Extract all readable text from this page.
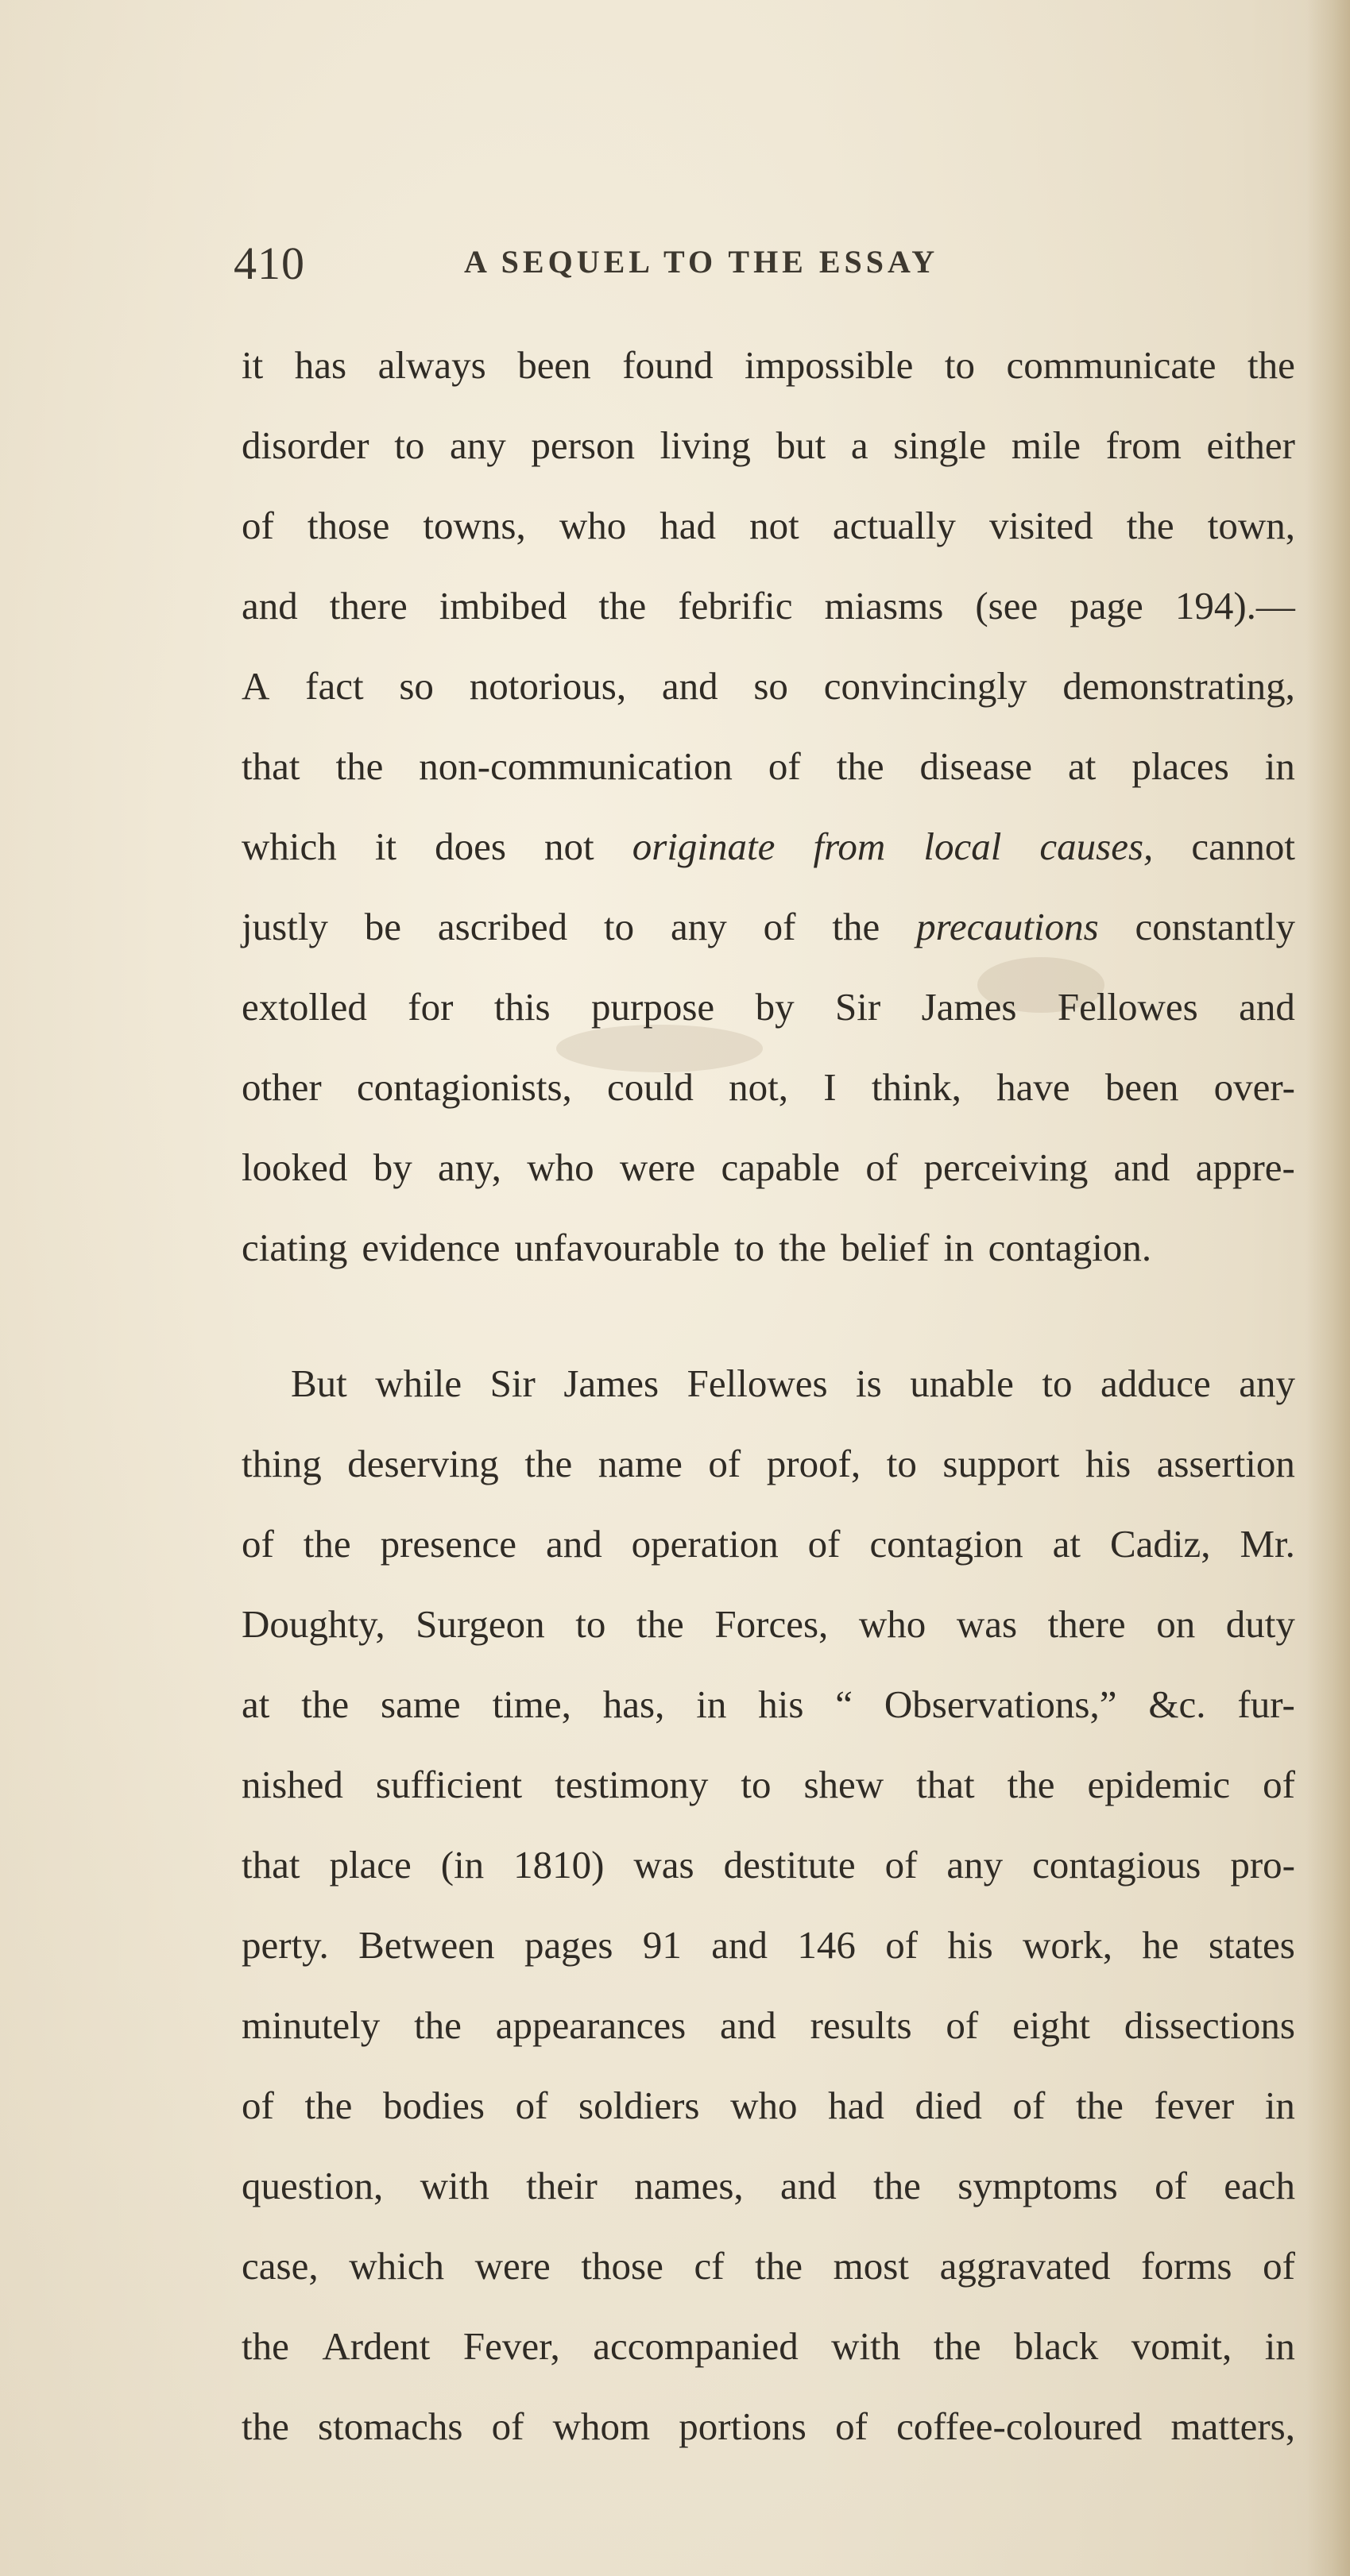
410	A SEQUEL TO THE ESSAY
it has always been found impossible to communicate the
disorder to any person living but a single mile from either
of those towns, who had not actually visited the town,
and there imbibed the febrific miasms (see page 194).—
A fact so notorious, and so convincingly demonstrating,
that the non-communication of the disease at places in
which it does not originate from local causes, cannot
justly be ascribed to any of the precautions constantly
extolled for this purpose by Sir James Fellowes and
other contagionists, could not, I think, have been over-
looked by any, who were capable of perceiving and appre-
ciating evidence unfavourable to the belief in contagion.
But while Sir James Fellowes is unable to adduce any
thing deserving the name of proof, to support his assertion
of the presence and operation of contagion at Cadiz, Mr.
Doughty, Surgeon to the Forces, who was there on duty
at the same time, has, in his “ Observations,” &c. fur-
nished sufficient testimony to shew that the epidemic of
that place (in 1810) was destitute of any contagious pro-
perty. Between pages 91 and 146 of his work, he states
minutely the appearances and results of eight dissections
of the bodies of soldiers who had died of the fever in
question, with their names, and the symptoms of each
case, which were those cf the most aggravated forms of
the Ardent Fever, accompanied with the black vomit, in
the stomachs of whom portions of coffee-coloured matters,
